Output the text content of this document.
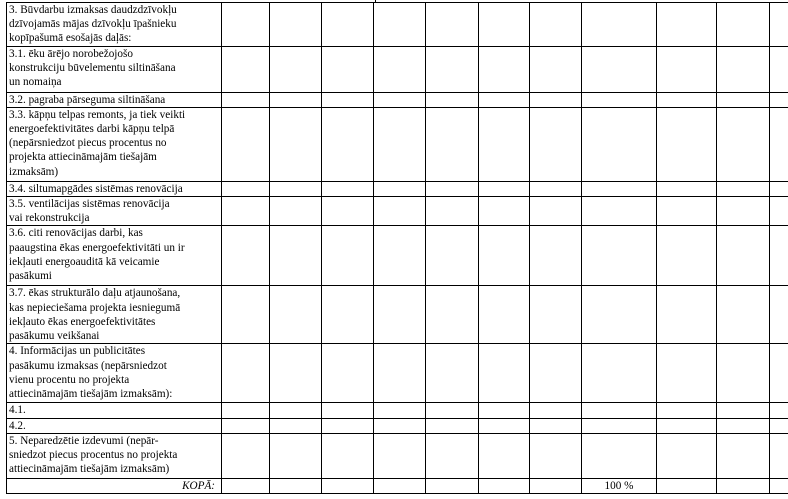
3. Būvdarbu izmaksas daudzdzīvokļu
dzīvojamās mājas dzīvokļu īpašnieku
kopīpašumā esošajās daļās:											
3.1. ēku ārējo norobežojošo
konstrukciju būvelementu siltināšana
un nomaiņa											
3.2. pagraba pārseguma siltināšana											
3.3. kāpņu telpas remonts, ja tiek veikti
energoefektivitātes darbi kāpņu telpā
(nepārsniedzot piecus procentus no
projekta attiecināmajām tiešajām
izmaksām)											
3.4. siltumapgādes sistēmas renovācija											
3.5. ventilācijas sistēmas renovācija
vai rekonstrukcija											
3.6. citi renovācijas darbi, kas
paaugstina ēkas energoefektivitāti un ir
iekļauti energoauditā kā veicamie
pasākumi											
3.7. ēkas strukturālo daļu atjaunošana,
kas nepieciešama projekta iesniegumā
iekļauto ēkas energoefektivitātes
pasākumu veikšanai											
4. Informācijas un publicitātes
pasākumu izmaksas (nepārsniedzot
vienu procentu no projekta
attiecināmajām tiešajām izmaksām):											
4.1.											
4.2.											
5. Neparedzētie izdevumi (nepār-
sniedzot piecus procentus no projekta
attiecināmajām tiešajām izmaksām)											
KOPĀ:								100 %			
